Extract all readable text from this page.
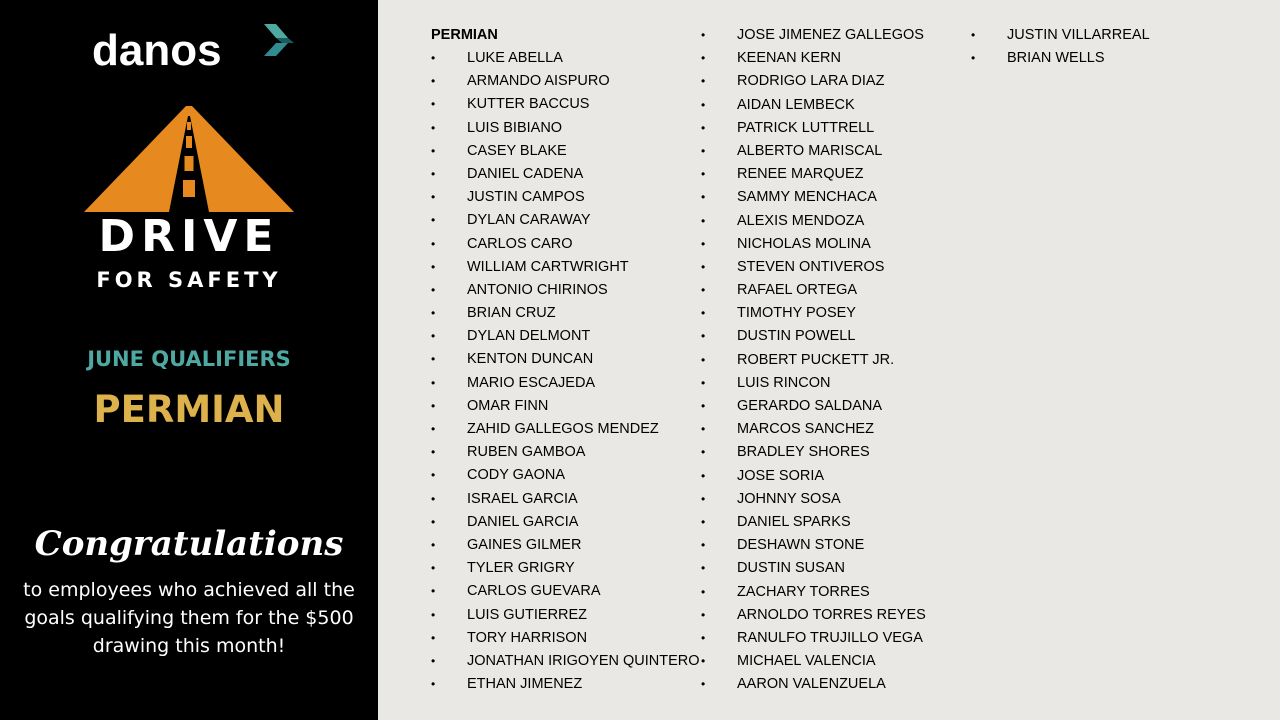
danos
DRIVE
FOR SAFETY
JUNE QUALIFIERS
PERMIAN
Congratulations
to employees who achieved all the goals qualifying them for the $500 drawing this month!
PERMIAN
• LUKE ABELLA
• ARMANDO AISPURO
• KUTTER BACCUS
• LUIS BIBIANO
• CASEY BLAKE
• DANIEL CADENA
• JUSTIN CAMPOS
• DYLAN CARAWAY
• CARLOS CARO
• WILLIAM CARTWRIGHT
• ANTONIO CHIRINOS
• BRIAN CRUZ
• DYLAN DELMONT
• KENTON DUNCAN
• MARIO ESCAJEDA
• OMAR FINN
• ZAHID GALLEGOS MENDEZ
• RUBEN GAMBOA
• CODY GAONA
• ISRAEL GARCIA
• DANIEL GARCIA
• GAINES GILMER
• TYLER GRIGRY
• CARLOS GUEVARA
• LUIS GUTIERREZ
• TORY HARRISON
• JONATHAN IRIGOYEN QUINTERO
• ETHAN JIMENEZ
• JOSE JIMENEZ GALLEGOS
• KEENAN KERN
• RODRIGO LARA DIAZ
• AIDAN LEMBECK
• PATRICK LUTTRELL
• ALBERTO MARISCAL
• RENEE MARQUEZ
• SAMMY MENCHACA
• ALEXIS MENDOZA
• NICHOLAS MOLINA
• STEVEN ONTIVEROS
• RAFAEL ORTEGA
• TIMOTHY POSEY
• DUSTIN POWELL
• ROBERT PUCKETT JR.
• LUIS RINCON
• GERARDO SALDANA
• MARCOS SANCHEZ
• BRADLEY SHORES
• JOSE SORIA
• JOHNNY SOSA
• DANIEL SPARKS
• DESHAWN STONE
• DUSTIN SUSAN
• ZACHARY TORRES
• ARNOLDO TORRES REYES
• RANULFO TRUJILLO VEGA
• MICHAEL VALENCIA
• AARON VALENZUELA
• JUSTIN VILLARREAL
• BRIAN WELLS
